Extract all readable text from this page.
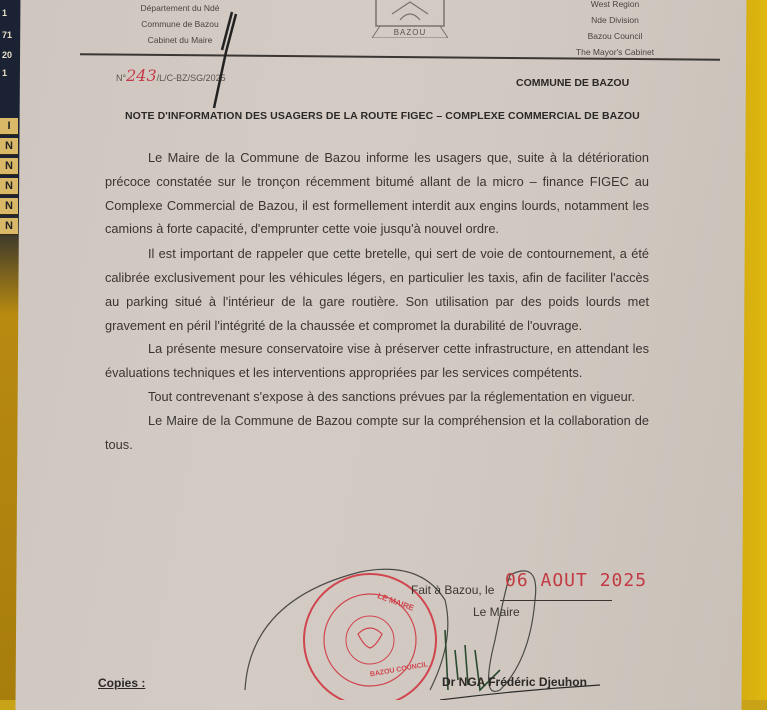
1
71
20
1
I
N
N
N
N
N
Département du Ndé
Commune de Bazou
Cabinet du Maire
BAZOU
West Region
Nde Division
Bazou Council
The Mayor's Cabinet
N°243/L/C-BZ/SG/2025	COMMUNE DE BAZOU
NOTE D'INFORMATION DES USAGERS DE LA ROUTE FIGEC – COMPLEXE COMMERCIAL DE BAZOU

Le Maire de la Commune de Bazou informe les usagers que, suite à la détérioration précoce constatée sur le tronçon récemment bitumé allant de la micro – finance FIGEC au Complexe Commercial de Bazou, il est formellement interdit aux engins lourds, notamment les camions à forte capacité, d'emprunter cette voie jusqu'à nouvel ordre.

Il est important de rappeler que cette bretelle, qui sert de voie de contournement, a été calibrée exclusivement pour les véhicules légers, en particulier les taxis, afin de faciliter l'accès au parking situé à l'intérieur de la gare routière. Son utilisation par des poids lourds met gravement en péril l'intégrité de la chaussée et compromet la durabilité de l'ouvrage.

La présente mesure conservatoire vise à préserver cette infrastructure, en attendant les évaluations techniques et les interventions appropriées par les services compétents.

Tout contrevenant s'expose à des sanctions prévues par la réglementation en vigueur.

Le Maire de la Commune de Bazou compte sur la compréhension et la collaboration de tous.

LE MAIRE
BAZOU COUNCIL
Fait à Bazou, le 06 AOUT 2025
Le Maire
Dr NGA Frédéric Djeuhon
Copies :
